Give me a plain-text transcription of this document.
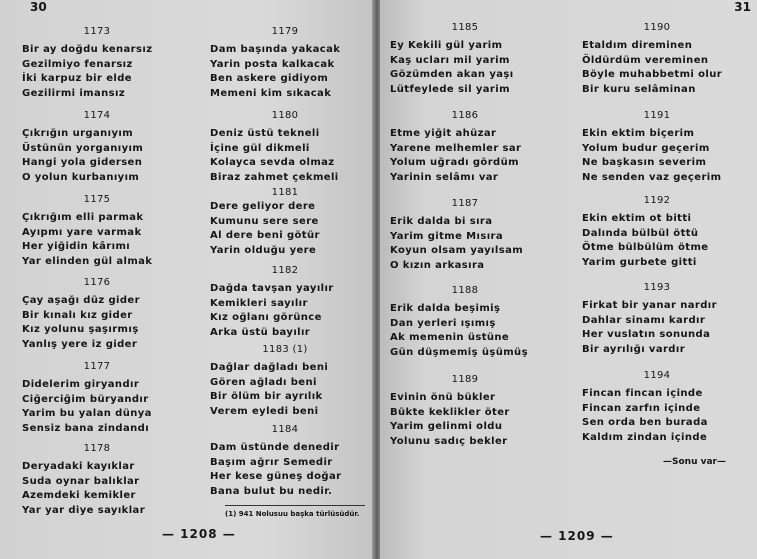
30
1173
Bir ay doğdu kenarsız
Gezilmiyo fenarsız
İki karpuz bir elde
Gezilirmi imansız
1174
Çıkrığın urganıyım
Üstünün yorganıyım
Hangi yola gidersen
O yolun kurbanıyım
1175
Çıkrığım elli parmak
Ayıpmı yare varmak
Her yiğidin kârımı
Yar elinden gül almak
1176
Çay aşağı düz gider
Bir kınalı kız gider
Kız yolunu şaşırmış
Yanlış yere iz gider
1177
Didelerim giryandır
Ciğerciğim büryandır
Yarim bu yalan dünya
Sensiz bana zindandı
1178
Deryadaki kayıklar
Suda oynar balıklar
Azemdeki kemikler
Yar yar diye sayıklar
1179
Dam başında yakacak
Yarin posta kalkacak
Ben askere gidiyom
Memeni kim sıkacak
1180
Deniz üstü tekneli
İçine gül dikmeli
Kolayca sevda olmaz
Biraz zahmet çekmeli
1181
Dere geliyor dere
Kumunu sere sere
Al dere beni götür
Yarin olduğu yere
1182
Dağda tavşan yayılır
Kemikleri sayılır
Kız oğlanı görünce
Arka üstü bayılır
1183 (1)
Dağlar dağladı beni
Gören ağladı beni
Bir ölüm bir ayrılık
Verem eyledi beni
1184
Dam üstünde denedir
Başım ağrır Semedir
Her kese güneş doğar
Bana bulut bu nedir.
(1) 941 Nolusuu başka türlüsüdür.
— 1208 —
31
1185
Ey Kekili gül yarim
Kaş ucları mil yarim
Gözümden akan yaşı
Lütfeylede sil yarim
1186
Etme yiğit ahüzar
Yarene melhemler sar
Yolum uğradı gördüm
Yarinin selâmı var
1187
Erik dalda bi sıra
Yarim gitme Mısıra
Koyun olsam yayılsam
O kızın arkasıra
1188
Erik dalda beşimiş
Dan yerleri ışımış
Ak memenin üstüne
Gün düşmemiş üşümüş
1189
Evinin önü bükler
Bükte keklikler öter
Yarim gelinmi oldu
Yolunu sadıç bekler
1190
Etaldım direminen
Öldürdüm vereminen
Böyle muhabbetmi olur
Bir kuru selâminan
1191
Ekin ektim biçerim
Yolum budur geçerim
Ne başkasın severim
Ne senden vaz geçerim
1192
Ekin ektim ot bitti
Dalında bülbül öttü
Ötme bülbülüm ötme
Yarim gurbete gitti
1193
Firkat bir yanar nardır
Dahlar sinamı kardır
Her vuslatın sonunda
Bir ayrılığı vardır
1194
Fincan fincan içinde
Fincan zarfın içinde
Sen orda ben burada
Kaldım zindan içinde
—Sonu var—
— 1209 —
